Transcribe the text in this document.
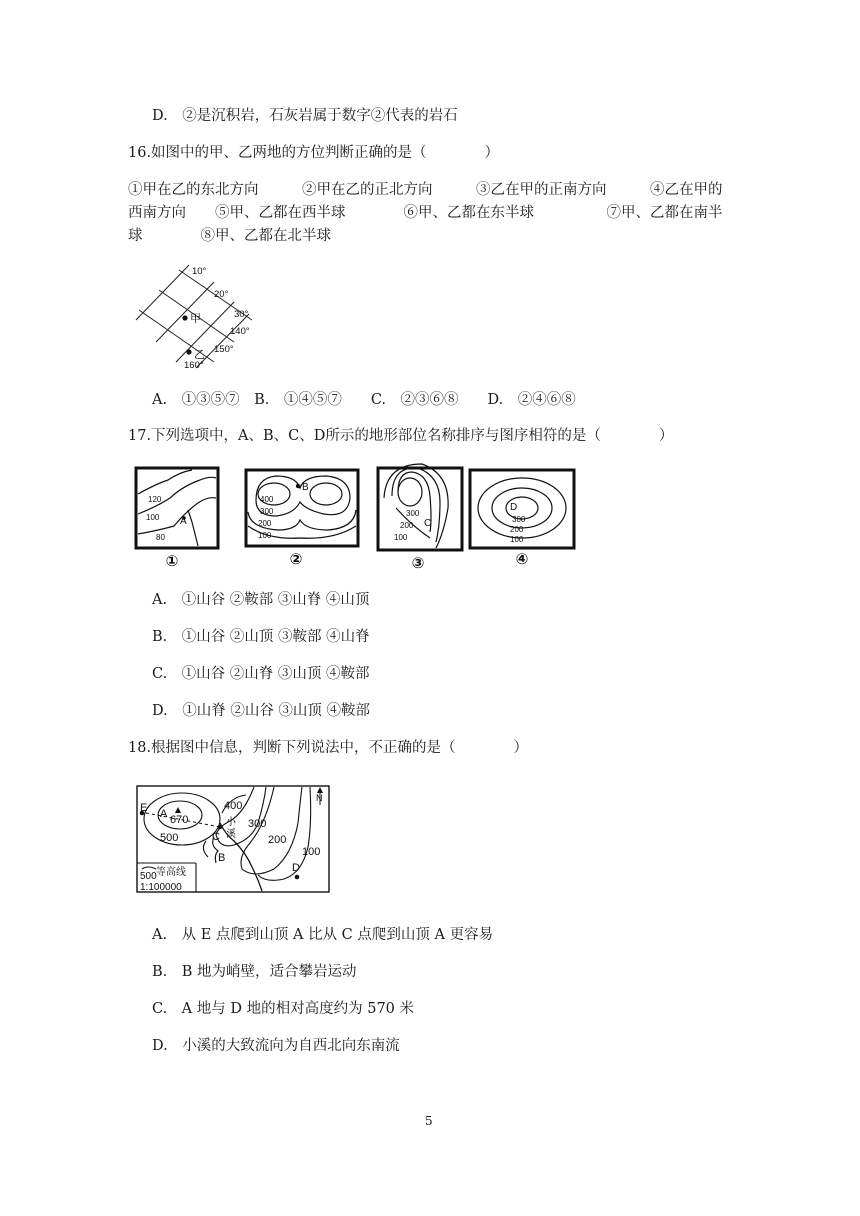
D.　②是沉积岩，石灰岩属于数字②代表的岩石
16.如图中的甲、乙两地的方位判断正确的是（　　　　）
①甲在乙的东北方向　　　②甲在乙的正北方向　　　③乙在甲的正南方向　　　④乙在甲的
西南方向　　⑤甲、乙都在西半球　　　　⑥甲、乙都在东半球　　　　　⑦甲、乙都在南半
球　　　　⑧甲、乙都在北半球
10°
20°
30°
140°
150°
160°
甲
乙
A.　①③⑤⑦　B.　①④⑤⑦　　C.　②③⑥⑧　　D.　②④⑥⑧
17.下列选项中，A、B、C、D所示的地形部位名称排序与图序相符的是（　　　　）
120
100 A
80
400
B
300
200
100
300
200
100
C
D
300
200
100
①	②	③	④
A.　①山谷 ②鞍部 ③山脊 ④山顶
B.　①山谷 ②山顶 ③鞍部 ④山脊
C.　①山谷 ②山脊 ③山顶 ④鞍部
D.　①山脊 ②山谷 ③山顶 ④鞍部
18.根据图中信息，判断下列说法中，不正确的是（　　　　）
E A 670
500
400
300
200
100
C
小
溪
B
D
N
500 等高线
1:100000
A.　从 E 点爬到山顶 A 比从 C 点爬到山顶 A 更容易
B.　B 地为峭壁，适合攀岩运动
C.　A 地与 D 地的相对高度约为 570 米
D.　小溪的大致流向为自西北向东南流
5
